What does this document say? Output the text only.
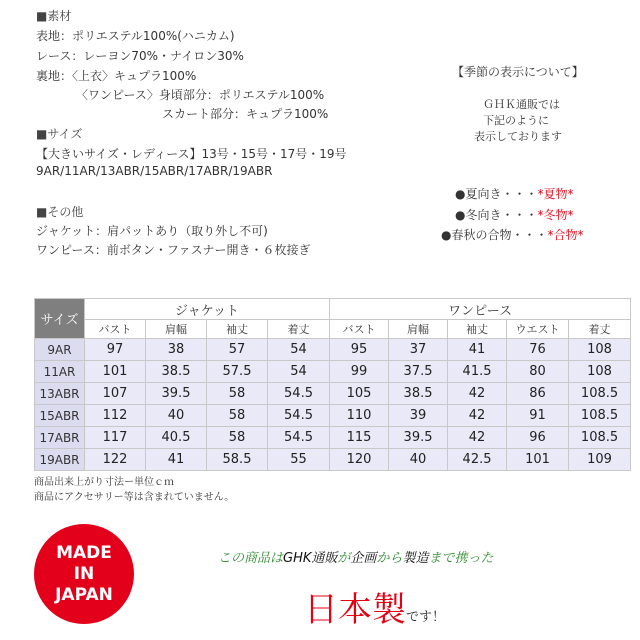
■素材
表地：ポリエステル100%(ハニカム)
レース：レーヨン70%・ナイロン30%
裏地：〈上衣〉キュプラ100%
〈ワンピース〉身頃部分：ポリエステル100%
スカート部分：キュプラ100%
■サイズ
【大きいサイズ・レディース】13号・15号・17号・19号
9AR/11AR/13ABR/15ABR/17ABR/19ABR
■その他
ジャケット：肩パットあり（取り外し不可)
ワンピース：前ボタン・ファスナー開き・６枚接ぎ
【季節の表示について】
ＧＨＫ通販では
下記のように
表示しております
●夏向き・・・*夏物*
●冬向き・・・*冬物*
●春秋の合物・・・*合物*
サイズ	ジャケット				ワンピース				
	バスト	肩幅	袖丈	着丈	バスト	肩幅	袖丈	ウエスト	着丈
9AR	97	38	57	54	95	37	41	76	108
11AR	101	38.5	57.5	54	99	37.5	41.5	80	108
13ABR	107	39.5	58	54.5	105	38.5	42	86	108.5
15ABR	112	40	58	54.5	110	39	42	91	108.5
17ABR	117	40.5	58	54.5	115	39.5	42	96	108.5
19ABR	122	41	58.5	55	120	40	42.5	101	109
商品出来上がり寸法ー単位ｃｍ
商品にアクセサリー等は含まれていません。
MADE
IN
JAPAN
この商品はGHK通販が企画から製造まで携った
日本製です！
